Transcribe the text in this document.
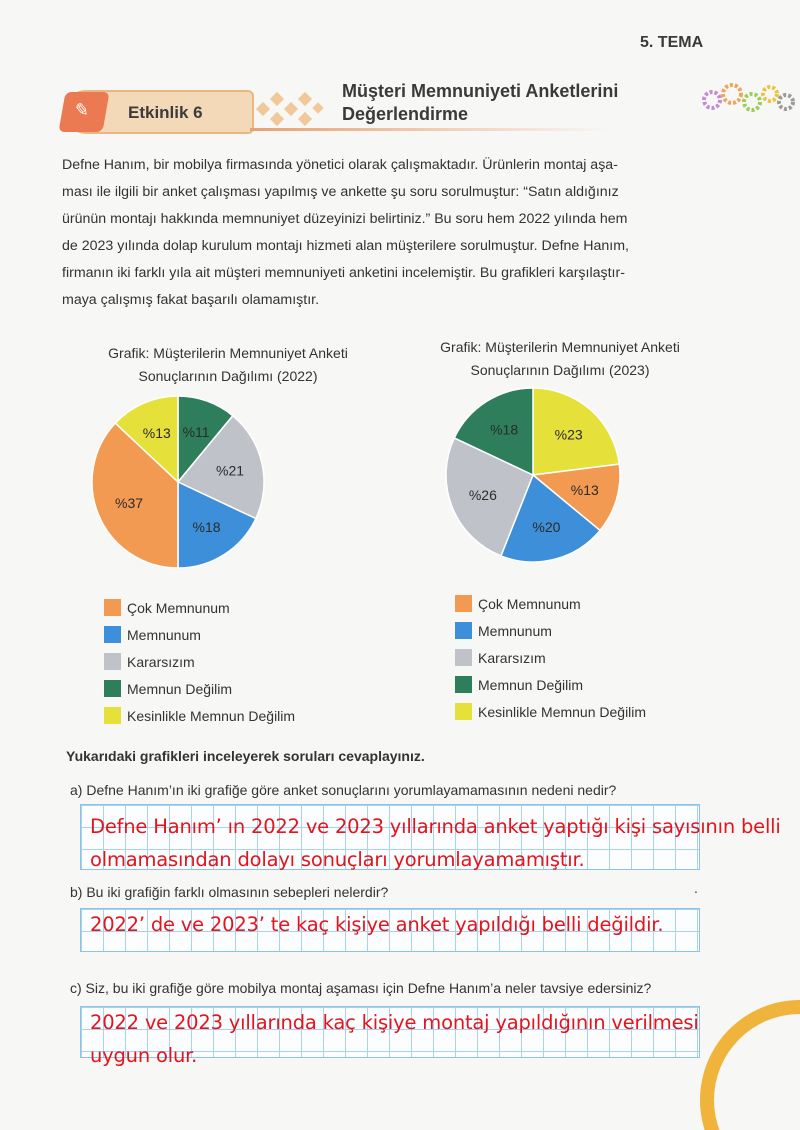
5. TEMA
✎ Etkinlik 6
Müşteri Memnuniyeti Anketlerini
Değerlendirme
Defne Hanım, bir mobilya firmasında yönetici olarak çalışmaktadır. Ürünlerin montaj aşa-
ması ile ilgili bir anket çalışması yapılmış ve ankette şu soru sorulmuştur: “Satın aldığınız
ürünün montajı hakkında memnuniyet düzeyinizi belirtiniz.” Bu soru hem 2022 yılında hem
de 2023 yılında dolap kurulum montajı hizmeti alan müşterilere sorulmuştur. Defne Hanım,
firmanın iki farklı yıla ait müşteri memnuniyeti anketini incelemiştir. Bu grafikleri karşılaştır-
maya çalışmış fakat başarılı olamamıştır.
Grafik: Müşterilerin Memnuniyet Anketi
Sonuçlarının Dağılımı (2022)
Grafik: Müşterilerin Memnuniyet Anketi
Sonuçlarının Dağılımı (2023)
%11
%21
%18
%37
%13	%23
%13
%20
%26
%18
Çok Memnunum
Memnunum
Kararsızım
Memnun Değilim
Kesinlikle Memnun Değilim
Çok Memnunum
Memnunum
Kararsızım
Memnun Değilim
Kesinlikle Memnun Değilim
Yukarıdaki grafikleri inceleyerek soruları cevaplayınız.
a) Defne Hanım’ın iki grafiğe göre anket sonuçlarını yorumlayamamasının nedeni nedir?
Defne Hanım’ ın 2022 ve 2023 yıllarında anket yaptığı kişi sayısının belli
olmamasından dolayı sonuçları yorumlayamamıştır.
b) Bu iki grafiğin farklı olmasının sebepleri nelerdir?	.
2022’ de ve 2023’ te kaç kişiye anket yapıldığı belli değildir.
c) Siz, bu iki grafiğe göre mobilya montaj aşaması için Defne Hanım’a neler tavsiye edersiniz?
2022 ve 2023 yıllarında kaç kişiye montaj yapıldığının verilmesi
uygun olur.
